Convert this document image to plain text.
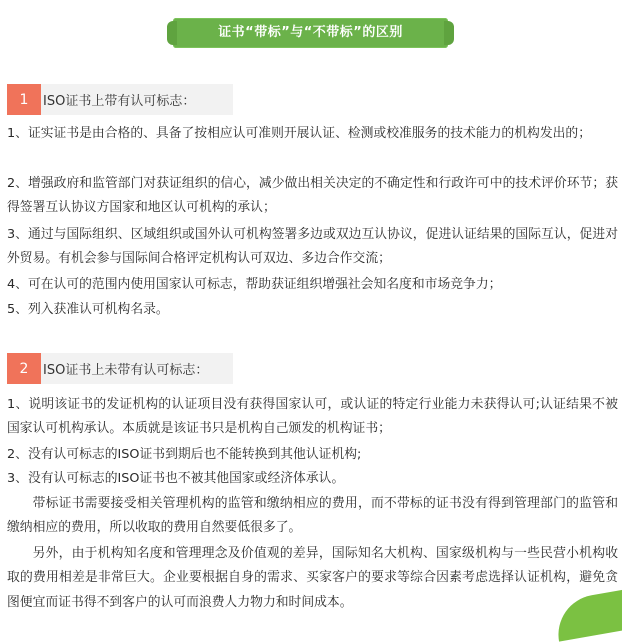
证书“带标”与“不带标”的区别
1	ISO证书上带有认可标志：

1、证实证书是由合格的、具备了按相应认可准则开展认证、检测或校准服务的技术能力的机构发出的；

2、增强政府和监管部门对获证组织的信心，减少做出相关决定的不确定性和行政许可中的技术评价环节；获得签署互认协议方国家和地区认可机构的承认；

3、通过与国际组织、区域组织或国外认可机构签署多边或双边互认协议，促进认证结果的国际互认，促进对外贸易。有机会参与国际间合格评定机构认可双边、多边合作交流；

4、可在认可的范围内使用国家认可标志，帮助获证组织增强社会知名度和市场竞争力；

5、列入获准认可机构名录。

2	ISO证书上未带有认可标志：

1、说明该证书的发证机构的认证项目没有获得国家认可，或认证的特定行业能力未获得认可;认证结果不被国家认可机构承认。本质就是该证书只是机构自己颁发的机构证书；

2、没有认可标志的ISO证书到期后也不能转换到其他认证机构;

3、没有认可标志的ISO证书也不被其他国家或经济体承认。

带标证书需要接受相关管理机构的监管和缴纳相应的费用，而不带标的证书没有得到管理部门的监管和缴纳相应的费用，所以收取的费用自然要低很多了。

另外，由于机构知名度和管理理念及价值观的差异，国际知名大机构、国家级机构与一些民营小机构收取的费用相差是非常巨大。企业要根据自身的需求、买家客户的要求等综合因素考虑选择认证机构，避免贪图便宜而证书得不到客户的认可而浪费人力物力和时间成本。
